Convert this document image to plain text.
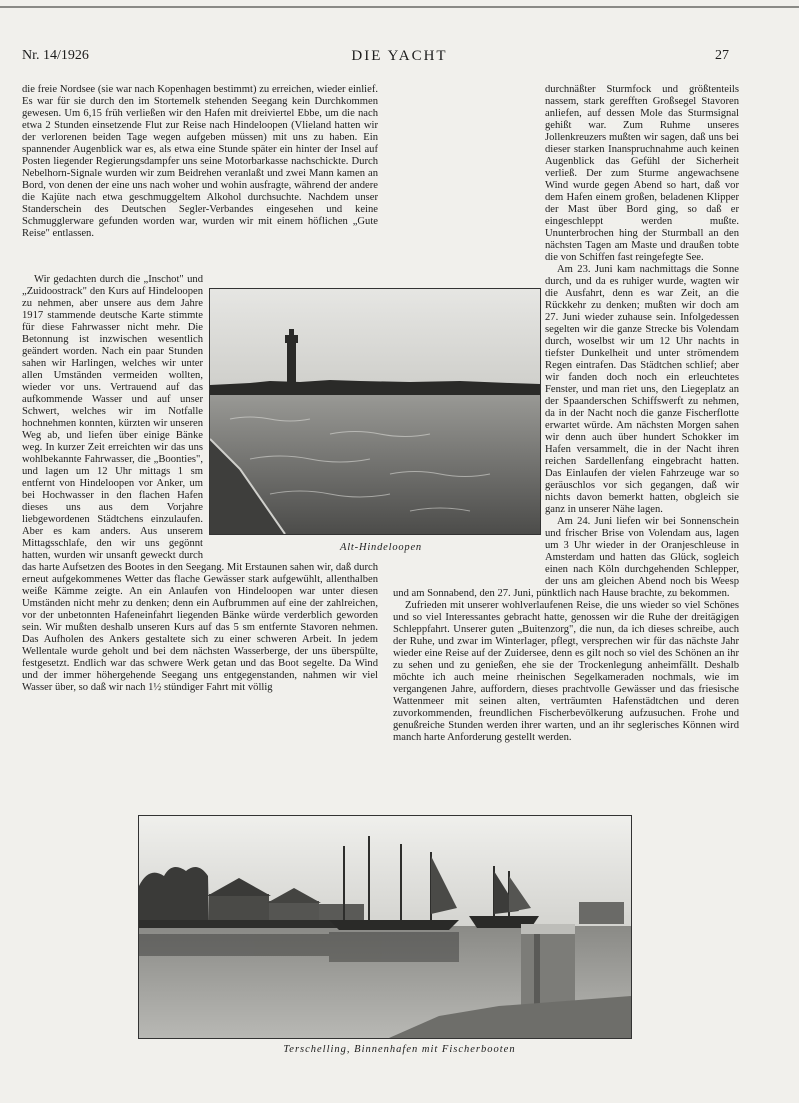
Nr. 14/1926	DIE YACHT	27

die freie Nordsee (sie war nach Kopenhagen bestimmt) zu erreichen, wieder einlief. Es war für sie durch den im Stortemelk stehenden Seegang kein Durchkommen gewesen. Um 6,15 früh verließen wir den Hafen mit dreiviertel Ebbe, um die nach etwa 2 Stunden einsetzende Flut zur Reise nach Hindeloopen (Vlieland hatten wir der verlorenen beiden Tage wegen aufgeben müssen) mit uns zu haben. Ein spannender Augenblick war es, als etwa eine Stunde später ein hinter der Insel auf Posten liegender Regierungsdampfer uns seine Motorbarkasse nachschickte. Durch Nebelhorn-Signale wurden wir zum Beidrehen veranlaßt und zwei Mann kamen an Bord, von denen der eine uns nach woher und wohin ausfragte, während der andere die Kajüte nach etwa geschmuggeltem Alkohol durchsuchte. Nachdem unser Standerschein des Deutschen Segler-Verbandes eingesehen und keine Schmugglerware gefunden worden war, wurden wir mit einem höflichen „Gute Reise" entlassen.

Wir gedachten durch die „Inschot" und „Zuidoostrack" den Kurs auf Hindeloopen zu nehmen, aber unsere aus dem Jahre 1917 stammende deutsche Karte stimmte für diese Fahrwasser nicht mehr. Die Betonnung ist inzwischen wesentlich geändert worden. Nach ein paar Stunden sahen wir Harlingen, welches wir unter allen Umständen vermeiden wollten, wieder vor uns. Vertrauend auf das aufkommende Wasser und auf unser Schwert, welches wir im Notfalle hochnehmen konnten, kürzten wir unseren Weg ab, und liefen über einige Bänke weg. In kurzer Zeit erreichten wir das uns wohlbekannte Fahrwasser, die „Boonties", und lagen um 12 Uhr mittags 1 sm entfernt von Hindeloopen vor Anker, um bei Hochwasser in den flachen Hafen dieses uns aus dem Vorjahre liebgewordenen Städtchens einzulaufen. Aber es kam anders. Aus unserem Mittagsschlafe, den wir uns gegönnt hatten, wurden wir unsanft geweckt durch das harte Aufsetzen des Bootes in den Seegang. Mit Erstaunen sahen wir, daß durch erneut aufgekommenes Wetter das flache Gewässer stark aufgewühlt, allenthalben weiße Kämme zeigte. An ein Anlaufen von Hindeloopen war unter diesen Umständen nicht mehr zu denken; denn ein Aufbrummen auf eine der zahlreichen, vor der unbetonnten Hafeneinfahrt liegenden Bänke würde verderblich geworden sein. Wir mußten deshalb unseren Kurs auf das 5 sm entfernte Stavoren nehmen. Das Aufholen des Ankers gestaltete sich zu einer schweren Arbeit. In jedem Wellentale wurde geholt und bei dem nächsten Wasserberge, der uns überspülte, festgesetzt. Endlich war das schwere Werk getan und das Boot segelte. Da Wind und der immer höhergehende Seegang uns entgegenstanden, nahmen wir viel Wasser über, so daß wir nach 1½ stündiger Fahrt mit völlig

durchnäßter Sturmfock und größtenteils nassem, stark gerefften Großsegel Stavoren anliefen, auf dessen Mole das Sturmsignal gehißt war. Zum Ruhme unseres Jollenkreuzers mußten wir sagen, daß uns bei dieser starken Inanspruchnahme auch keinen Augenblick das Gefühl der Sicherheit verließ. Der zum Sturme angewachsene Wind wurde gegen Abend so hart, daß vor dem Hafen einem großen, beladenen Klipper der Mast über Bord ging, so daß er eingeschleppt werden mußte. Ununterbrochen hing der Sturmball an den nächsten Tagen am Maste und draußen tobte die von Schiffen fast reingefegte See.

Am 23. Juni kam nachmittags die Sonne durch, und da es ruhiger wurde, wagten wir die Ausfahrt, denn es war Zeit, an die Rückkehr zu denken; mußten wir doch am 27. Juni wieder zuhause sein. Infolgedessen segelten wir die ganze Strecke bis Volendam durch, woselbst wir um 12 Uhr nachts in tiefster Dunkelheit und unter strömendem Regen eintrafen. Das Städtchen schlief; aber wir fanden doch noch ein erleuchtetes Fenster, und man riet uns, den Liegeplatz an der Spaanderschen Schiffswerft zu nehmen, da in der Nacht noch die ganze Fischerflotte erwartet würde. Am nächsten Morgen sahen wir denn auch über hundert Schokker im Hafen versammelt, die in der Nacht ihren reichen Sardellenfang eingebracht hatten. Das Einlaufen der vielen Fahrzeuge war so geräuschlos vor sich gegangen, daß wir nichts davon bemerkt hatten, obgleich sie ganz in unserer Nähe lagen.

Am 24. Juni liefen wir bei Sonnenschein und frischer Brise von Volendam aus, lagen um 3 Uhr wieder in der Oranjeschleuse in Amsterdam und hatten das Glück, sogleich einen nach Köln durchgehenden Schlepper, der uns am gleichen Abend noch bis Weesp und am Sonnabend, den 27. Juni, pünktlich nach Hause brachte, zu bekommen.

Zufrieden mit unserer wohlverlaufenen Reise, die uns wieder so viel Schönes und so viel Interessantes gebracht hatte, genossen wir die Ruhe der dreitägigen Schleppfahrt. Unserer guten „Buitenzorg", die nun, da ich dieses schreibe, auch der Ruhe, und zwar im Winterlager, pflegt, versprechen wir für das nächste Jahr wieder eine Reise auf der Zuidersee, denn es gilt noch so viel des Schönen an ihr zu sehen und zu genießen, ehe sie der Trockenlegung anheimfällt. Deshalb möchte ich auch meine rheinischen Segelkameraden nochmals, wie im vergangenen Jahre, auffordern, dieses prachtvolle Gewässer und das friesische Wattenmeer mit seinen alten, verträumten Hafenstädtchen und deren zuvorkommenden, freundlichen Fischerbevölkerung aufzusuchen. Frohe und genußreiche Stunden werden ihrer warten, und an ihr seglerisches Können wird manch harte Anforderung gestellt werden.

Alt-Hindeloopen
Terschelling, Binnenhafen mit Fischerbooten
